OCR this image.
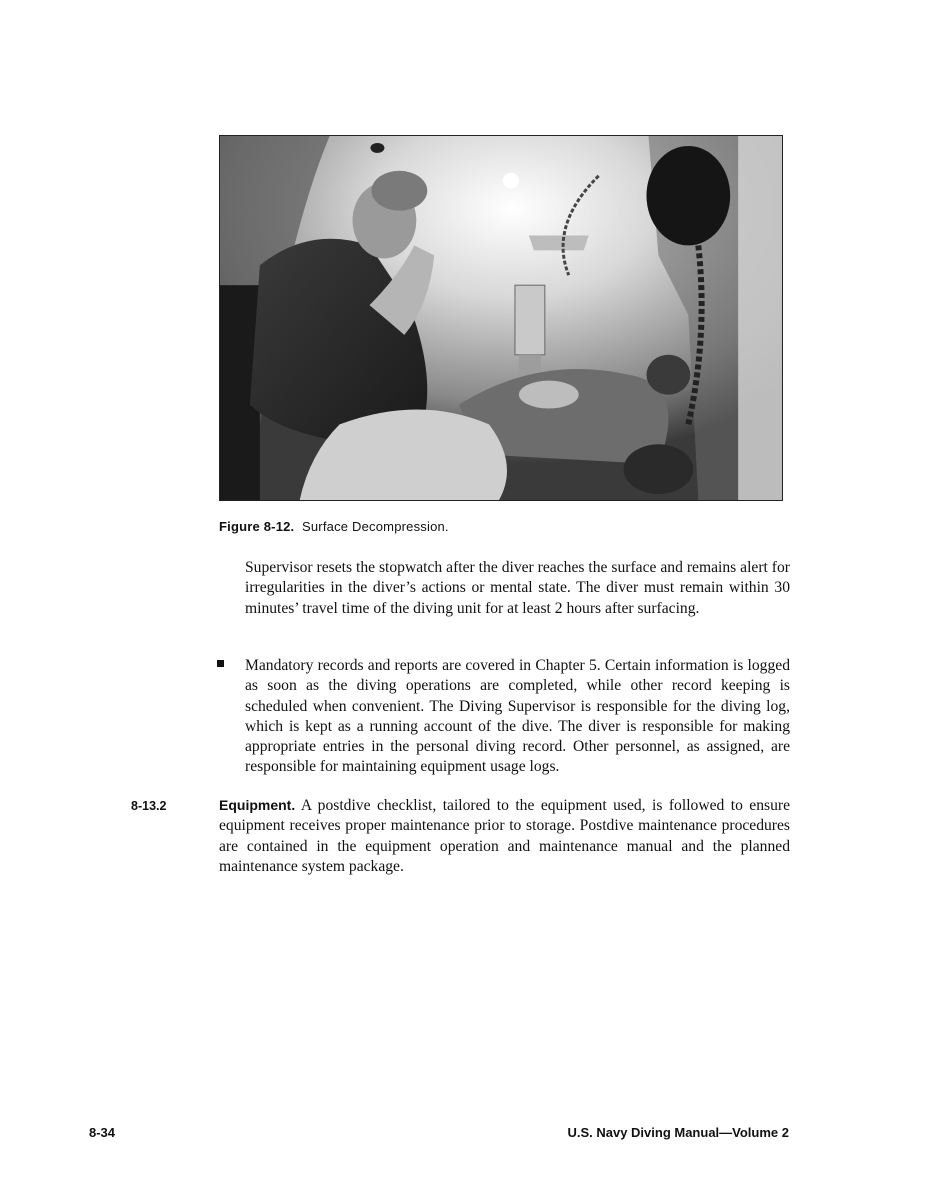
Figure 8-12. Surface Decompression.

Supervisor resets the stopwatch after the diver reaches the surface and remains alert for irregularities in the diver’s actions or mental state. The diver must remain within 30 minutes’ travel time of the diving unit for at least 2 hours after surfacing.

Mandatory records and reports are covered in Chapter 5. Certain information is logged as soon as the diving operations are completed, while other record keeping is scheduled when convenient. The Diving Supervisor is responsible for the diving log, which is kept as a running account of the dive. The diver is responsible for making appropriate entries in the personal diving record. Other personnel, as assigned, are responsible for maintaining equipment usage logs.

8-13.2	Equipment. A postdive checklist, tailored to the equipment used, is followed to ensure equipment receives proper maintenance prior to storage. Postdive maintenance procedures are contained in the equipment operation and maintenance manual and the planned maintenance system package.

8-34	U.S. Navy Diving Manual—Volume 2
